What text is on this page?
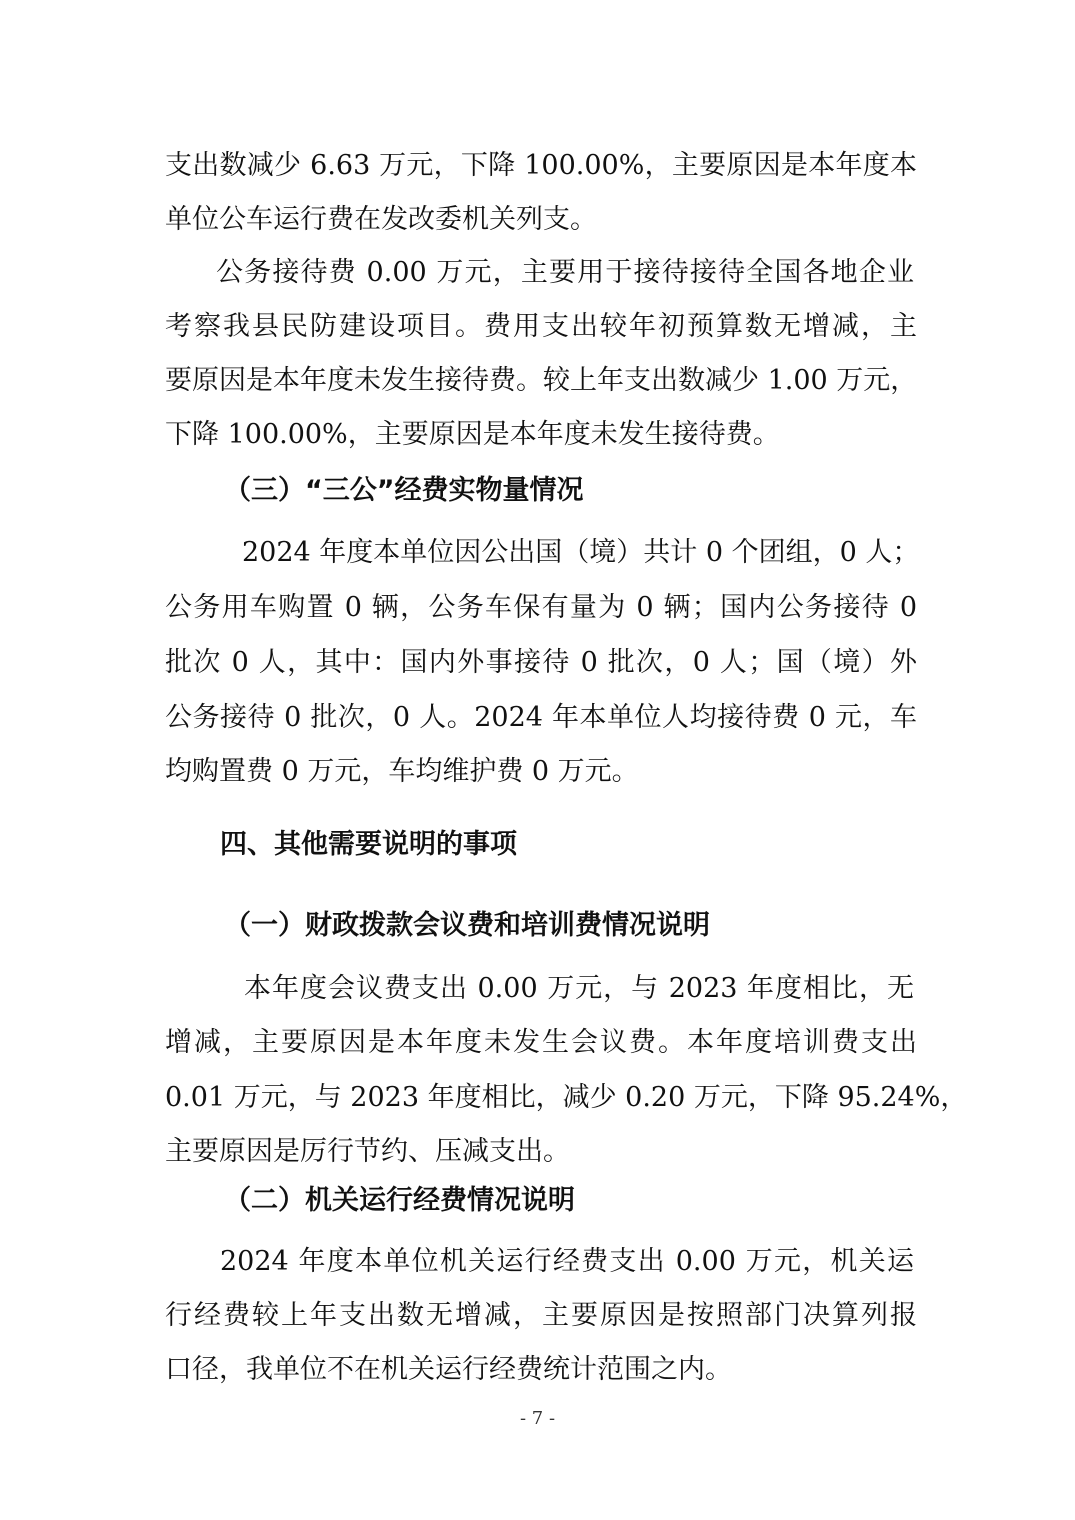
支出数减少 6.63 万元，下降 100.00%，主要原因是本年度本
单位公车运行费在发改委机关列支。
公务接待费 0.00 万元，主要用于接待接待全国各地企业
考察我县民防建设项目。费用支出较年初预算数无增减，主
要原因是本年度未发生接待费。较上年支出数减少 1.00 万元，
下降 100.00%，主要原因是本年度未发生接待费。
（三）“三公”经费实物量情况
2024 年度本单位因公出国（境）共计 0 个团组，0 人；
公务用车购置 0 辆，公务车保有量为 0 辆；国内公务接待 0
批次 0 人，其中：国内外事接待 0 批次，0 人；国（境）外
公务接待 0 批次，0 人。2024 年本单位人均接待费 0 元，车
均购置费 0 万元，车均维护费 0 万元。
四、其他需要说明的事项
（一）财政拨款会议费和培训费情况说明
本年度会议费支出 0.00 万元，与 2023 年度相比，无
增减，主要原因是本年度未发生会议费。本年度培训费支出
0.01 万元，与 2023 年度相比，减少 0.20 万元，下降 95.24%，
主要原因是厉行节约、压减支出。
（二）机关运行经费情况说明
2024 年度本单位机关运行经费支出 0.00 万元，机关运
行经费较上年支出数无增减，主要原因是按照部门决算列报
口径，我单位不在机关运行经费统计范围之内。
- 7 -
